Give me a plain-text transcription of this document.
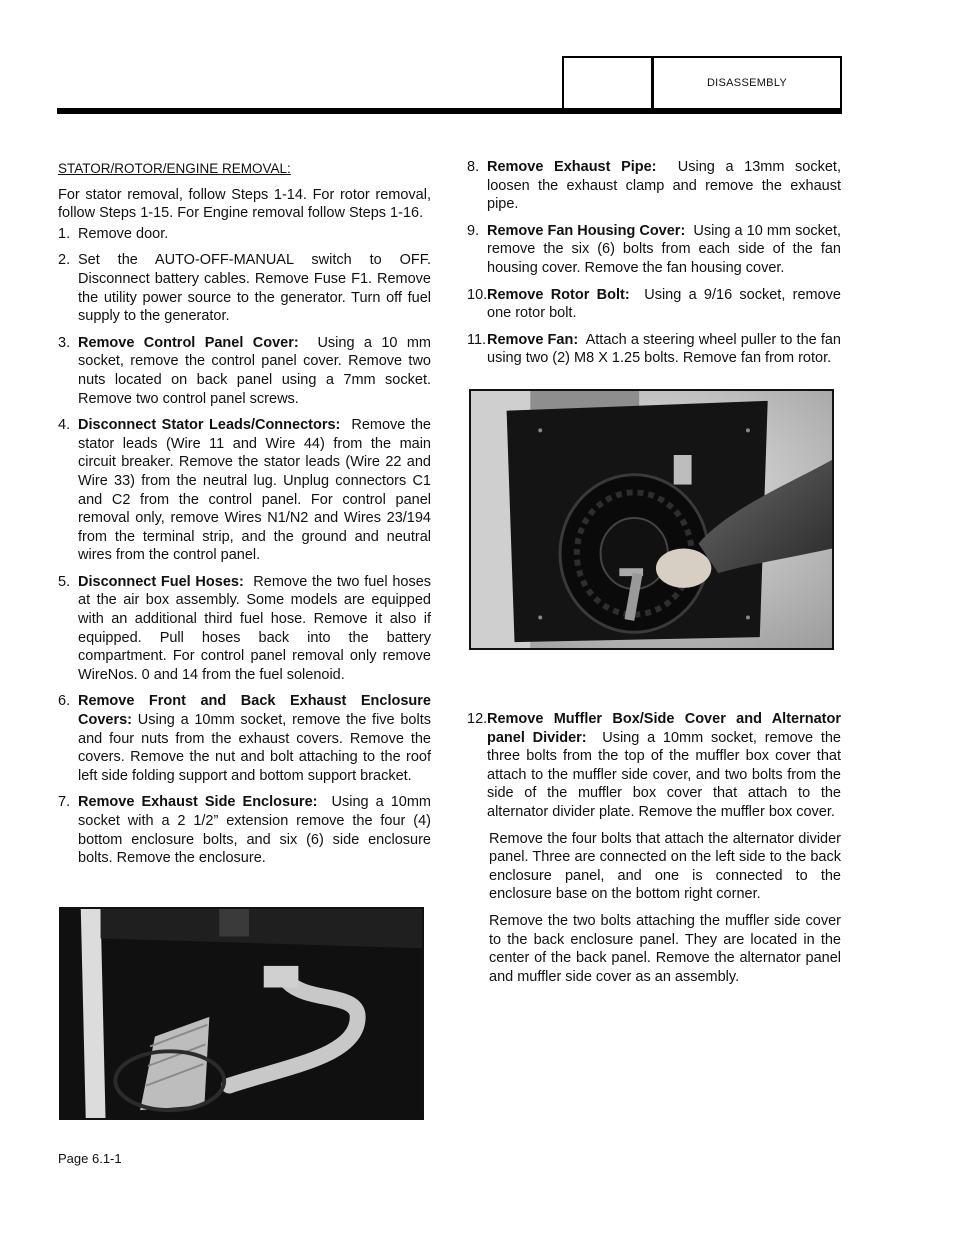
DISASSEMBLY
STATOR/ROTOR/ENGINE REMOVAL:
For stator removal, follow Steps 1-14. For rotor removal, follow Steps 1-15. For Engine removal follow Steps 1-16.
1. Remove door.
2. Set the AUTO-OFF-MANUAL switch to OFF. Disconnect battery cables. Remove Fuse F1. Remove the utility power source to the generator. Turn off fuel supply to the generator.
3. Remove Control Panel Cover: Using a 10 mm socket, remove the control panel cover. Remove two nuts located on back panel using a 7mm socket. Remove two control panel screws.
4. Disconnect Stator Leads/Connectors: Remove the stator leads (Wire 11 and Wire 44) from the main circuit breaker. Remove the stator leads (Wire 22 and Wire 33) from the neutral lug. Unplug connectors C1 and C2 from the control panel. For control panel removal only, remove Wires N1/N2 and Wires 23/194 from the terminal strip, and the ground and neutral wires from the control panel.
5. Disconnect Fuel Hoses: Remove the two fuel hoses at the air box assembly. Some models are equipped with an additional third fuel hose. Remove it also if equipped. Pull hoses back into the battery compartment. For control panel removal only remove WireNos. 0 and 14 from the fuel solenoid.
6. Remove Front and Back Exhaust Enclosure Covers: Using a 10mm socket, remove the five bolts and four nuts from the exhaust covers. Remove the covers. Remove the nut and bolt attaching to the roof left side folding support and bottom support bracket.
7. Remove Exhaust Side Enclosure: Using a 10mm socket with a 2 1/2” extension remove the four (4) bottom enclosure bolts, and six (6) side enclosure bolts. Remove the enclosure.
8. Remove Exhaust Pipe: Using a 13mm socket, loosen the exhaust clamp and remove the exhaust pipe.
9. Remove Fan Housing Cover: Using a 10 mm socket, remove the six (6) bolts from each side of the fan housing cover. Remove the fan housing cover.
10. Remove Rotor Bolt: Using a 9/16 socket, remove one rotor bolt.
11. Remove Fan: Attach a steering wheel puller to the fan using two (2) M8 X 1.25 bolts. Remove fan from rotor.
12. Remove Muffler Box/Side Cover and Alternator panel Divider: Using a 10mm socket, remove the three bolts from the top of the muffler box cover that attach to the muffler side cover, and two bolts from the side of the muffler box cover that attach to the alternator divider plate. Remove the muffler box cover.
Remove the four bolts that attach the alternator divider panel. Three are connected on the left side to the back enclosure panel, and one is connected to the enclosure base on the bottom right corner.
Remove the two bolts attaching the muffler side cover to the back enclosure panel. They are located in the center of the back panel. Remove the alternator panel and muffler side cover as an assembly.
Page 6.1-1
